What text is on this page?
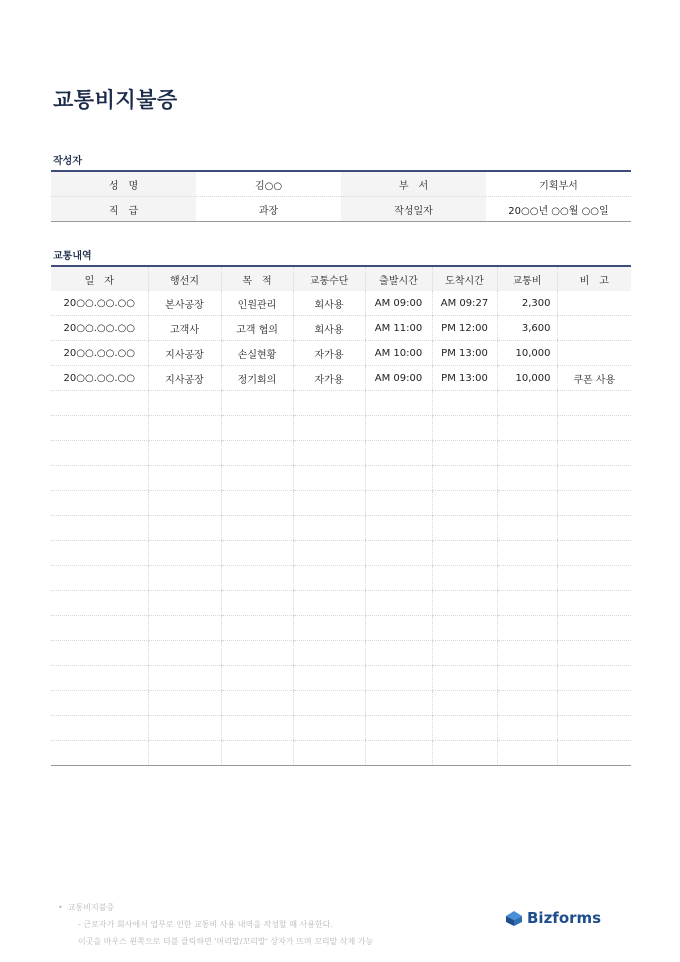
교통비지불증
작성자
성　명	김○○	부　서	기획부서
직　급	과장	작성일자	20○○년 ○○월 ○○일
교통내역
일　자	행선지	목　적	교통수단	출발시간	도착시간	교통비	비　고
20○○.○○.○○	본사공장	인원관리	회사용	AM 09:00	AM 09:27	2,300	
20○○.○○.○○	고객사	고객 협의	회사용	AM 11:00	PM 12:00	3,600	
20○○.○○.○○	지사공장	손실현황	자가용	AM 10:00	PM 13:00	10,000	
20○○.○○.○○	지사공장	정기회의	자가용	AM 09:00	PM 13:00	10,000	쿠폰 사용

•  교통비지불증
- 근로자가 회사에서 업무로 인한 교통비 사용 내역을 작성할 때 사용한다.
이곳을 마우스 왼쪽으로 더블 클릭하면 '머리말/꼬리말' 상자가 뜨며 꼬리말 삭제 가능
Bizforms
